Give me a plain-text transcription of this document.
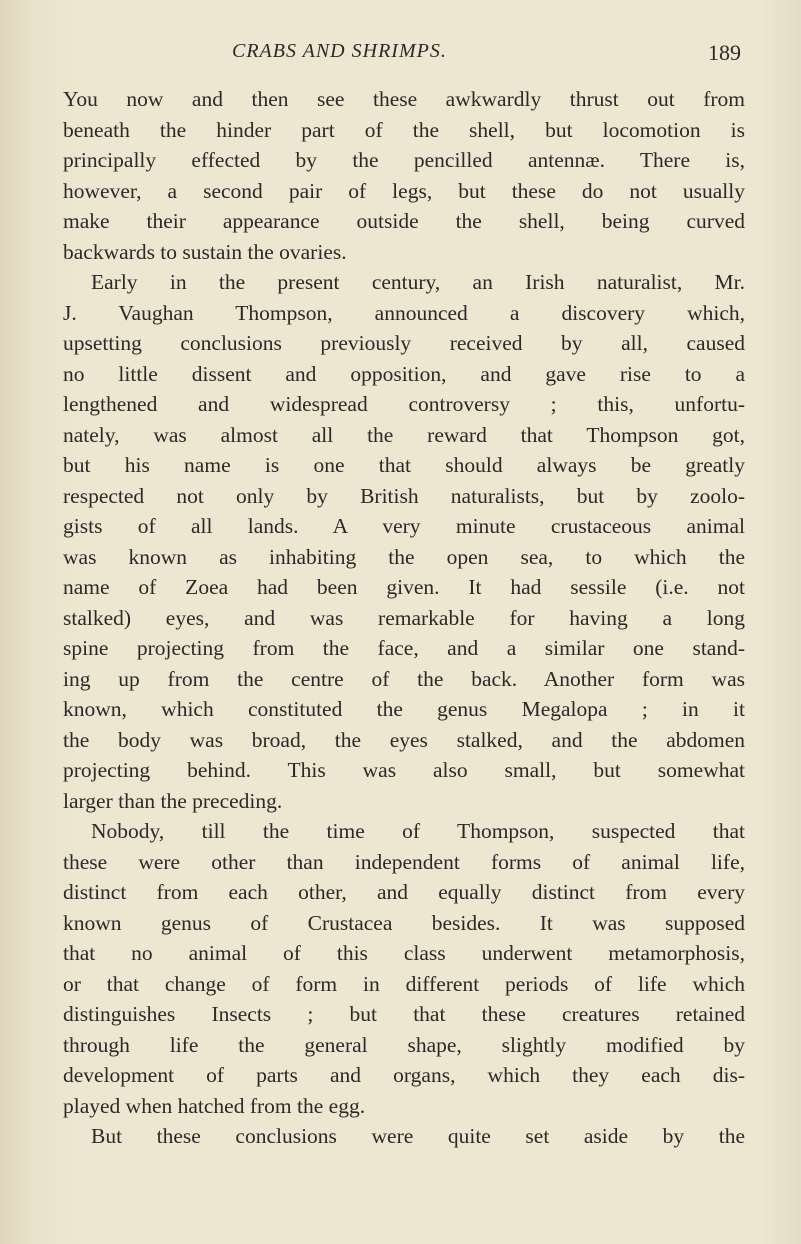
CRABS AND SHRIMPS.	189
You now and then see these awkwardly thrust out from
beneath the hinder part of the shell, but locomotion is
principally effected by the pencilled antennæ. There is,
however, a second pair of legs, but these do not usually
make their appearance outside the shell, being curved
backwards to sustain the ovaries.
Early in the present century, an Irish naturalist, Mr.
J. Vaughan Thompson, announced a discovery which,
upsetting conclusions previously received by all, caused
no little dissent and opposition, and gave rise to a
lengthened and widespread controversy ; this, unfortu-
nately, was almost all the reward that Thompson got,
but his name is one that should always be greatly
respected not only by British naturalists, but by zoolo-
gists of all lands. A very minute crustaceous animal
was known as inhabiting the open sea, to which the
name of Zoea had been given. It had sessile (i.e. not
stalked) eyes, and was remarkable for having a long
spine projecting from the face, and a similar one stand-
ing up from the centre of the back. Another form was
known, which constituted the genus Megalopa ; in it
the body was broad, the eyes stalked, and the abdomen
projecting behind. This was also small, but somewhat
larger than the preceding.
Nobody, till the time of Thompson, suspected that
these were other than independent forms of animal life,
distinct from each other, and equally distinct from every
known genus of Crustacea besides. It was supposed
that no animal of this class underwent metamorphosis,
or that change of form in different periods of life which
distinguishes Insects ; but that these creatures retained
through life the general shape, slightly modified by
development of parts and organs, which they each dis-
played when hatched from the egg.
But these conclusions were quite set aside by the
